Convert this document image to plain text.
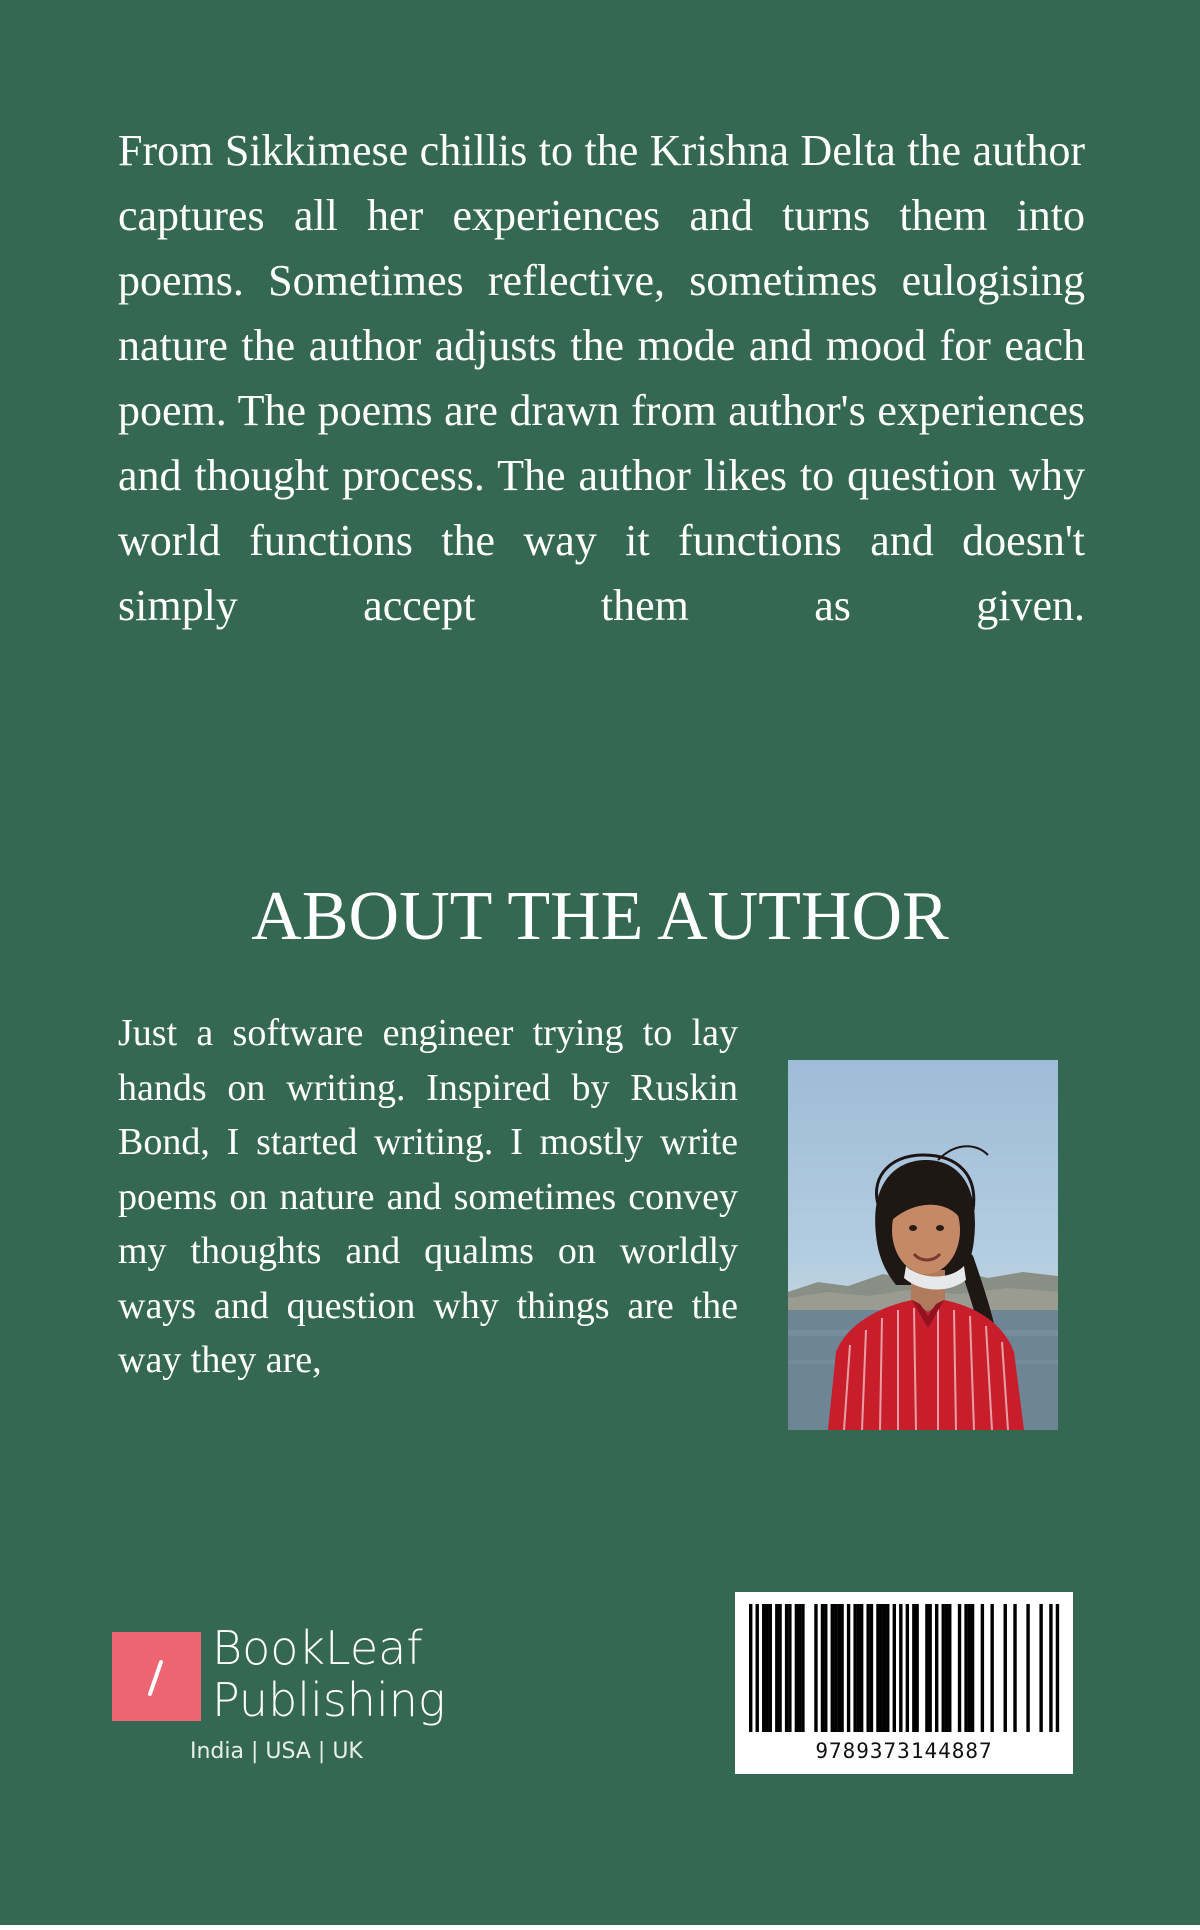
From Sikkimese chillis to the Krishna Delta the author captures all her experiences and turns them into poems. Sometimes reflective, sometimes eulogising nature the author adjusts the mode and mood for each poem. The poems are drawn from author's experiences and thought process. The author likes to question why world functions the way it functions and doesn't simply accept them as given.

ABOUT THE AUTHOR

Just a software engineer trying to lay hands on writing. Inspired by Ruskin Bond, I started writing. I mostly write poems on nature and sometimes convey my thoughts and qualms on worldly ways and question why things are the way they are,

BookLeaf
Publishing
India | USA | UK	9789373144887
